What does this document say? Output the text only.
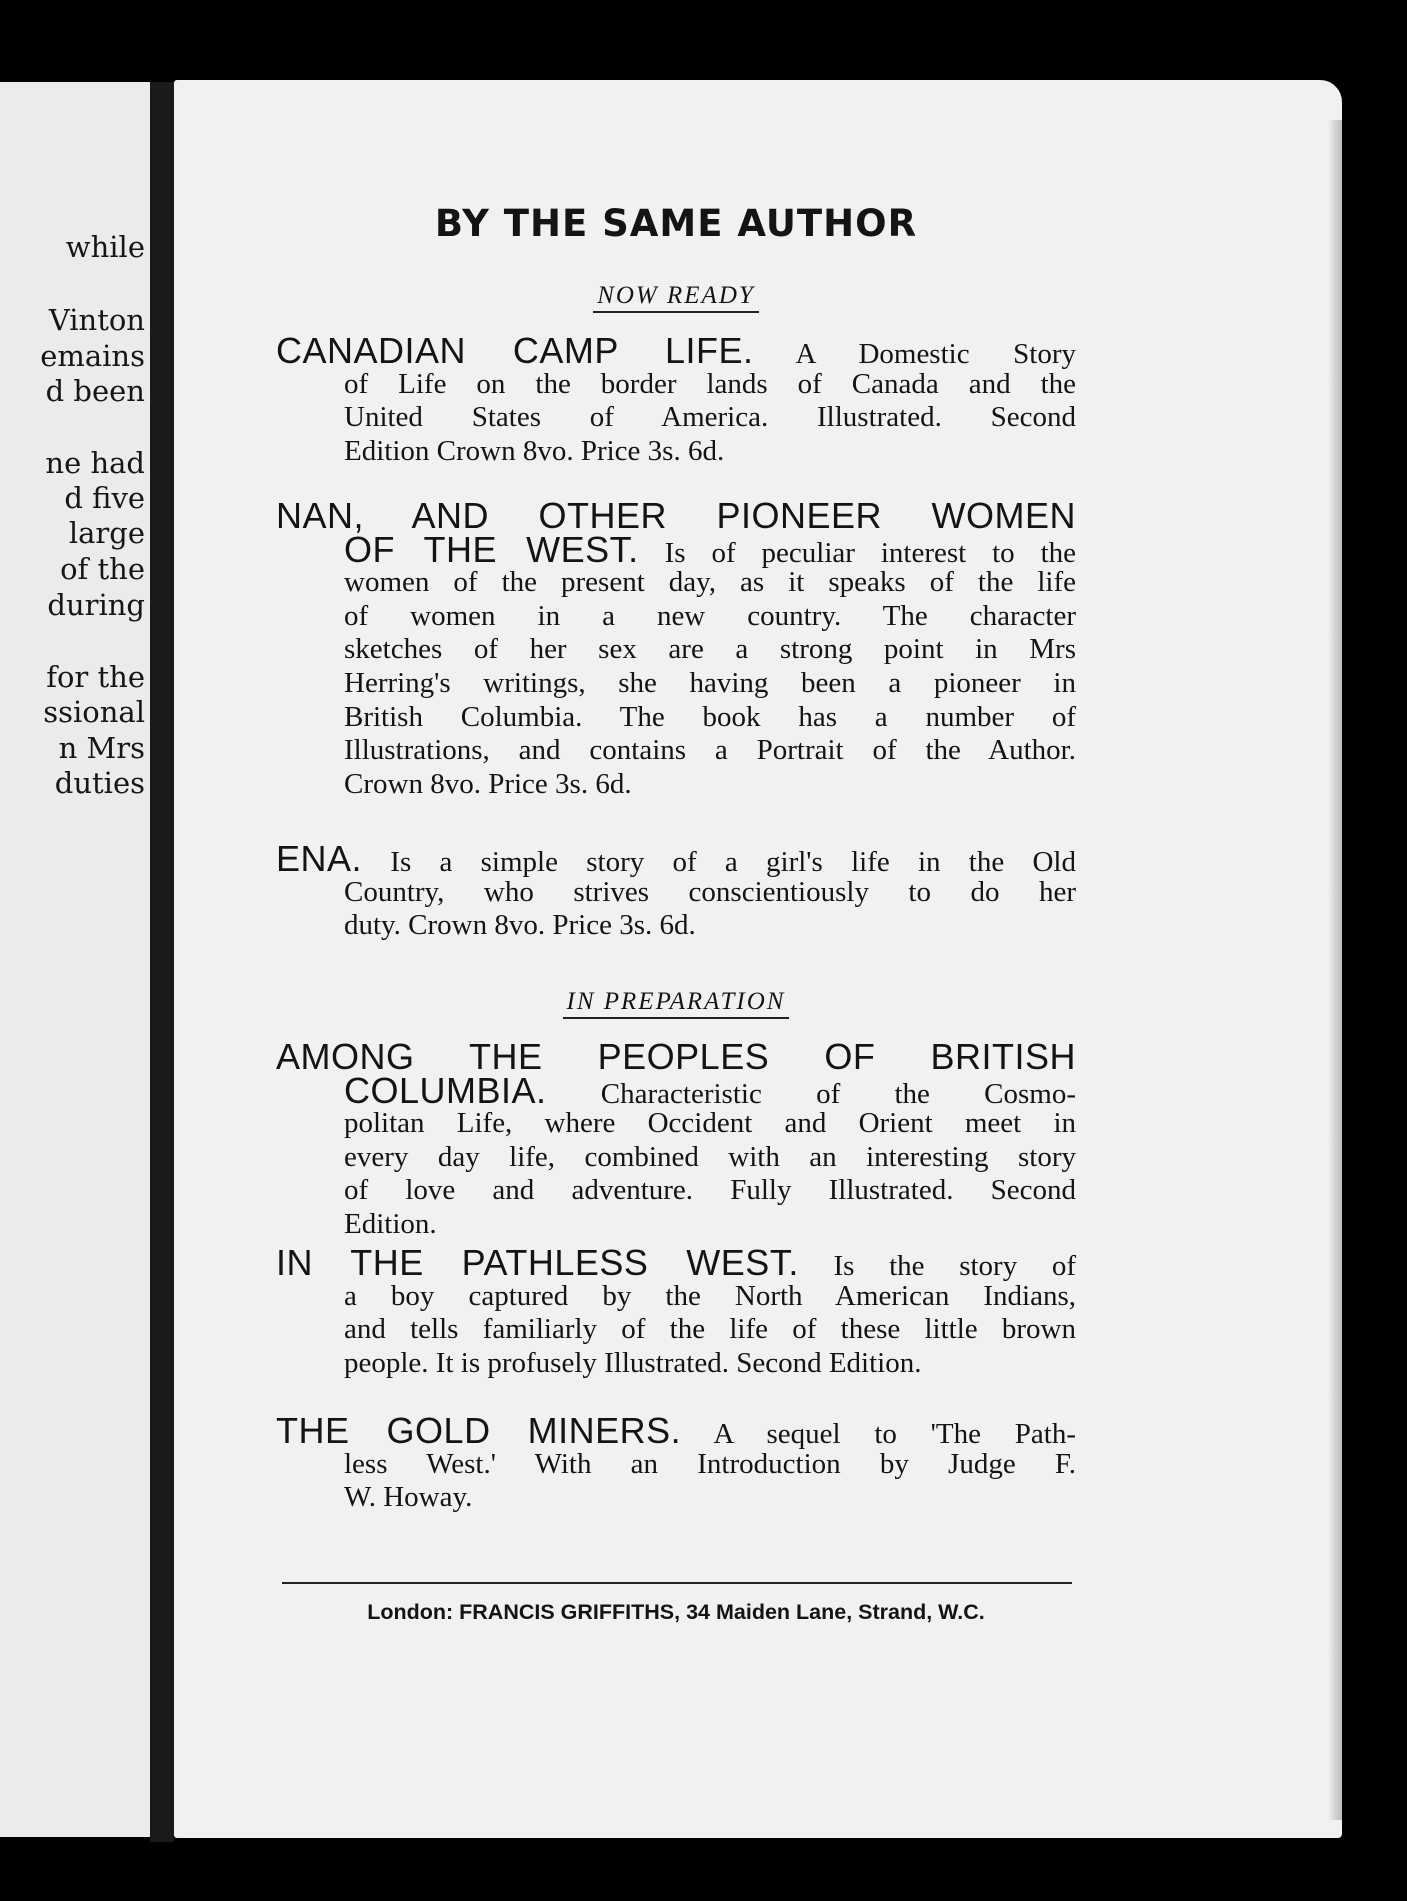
while
Vinton
emains
d been
ne had
d five
large
of the
during
for the
ssional
n Mrs
duties
BY THE SAME AUTHOR
NOW READY
CANADIAN CAMP LIFE. A Domestic Story
of Life on the border lands of Canada and the
United States of America. Illustrated. Second
Edition Crown 8vo. Price 3s. 6d.
NAN, AND OTHER PIONEER WOMEN
OF THE WEST. Is of peculiar interest to the
women of the present day, as it speaks of the life
of women in a new country. The character
sketches of her sex are a strong point in Mrs
Herring's writings, she having been a pioneer in
British Columbia. The book has a number of
Illustrations, and contains a Portrait of the Author.
Crown 8vo. Price 3s. 6d.
ENA. Is a simple story of a girl's life in the Old
Country, who strives conscientiously to do her
duty. Crown 8vo. Price 3s. 6d.
IN PREPARATION
AMONG THE PEOPLES OF BRITISH
COLUMBIA. Characteristic of the Cosmo-
politan Life, where Occident and Orient meet in
every day life, combined with an interesting story
of love and adventure. Fully Illustrated. Second
Edition.
IN THE PATHLESS WEST. Is the story of
a boy captured by the North American Indians,
and tells familiarly of the life of these little brown
people. It is profusely Illustrated. Second Edition.
THE GOLD MINERS. A sequel to 'The Path-
less West.' With an Introduction by Judge F.
W. Howay.
London: FRANCIS GRIFFITHS, 34 Maiden Lane, Strand, W.C.
